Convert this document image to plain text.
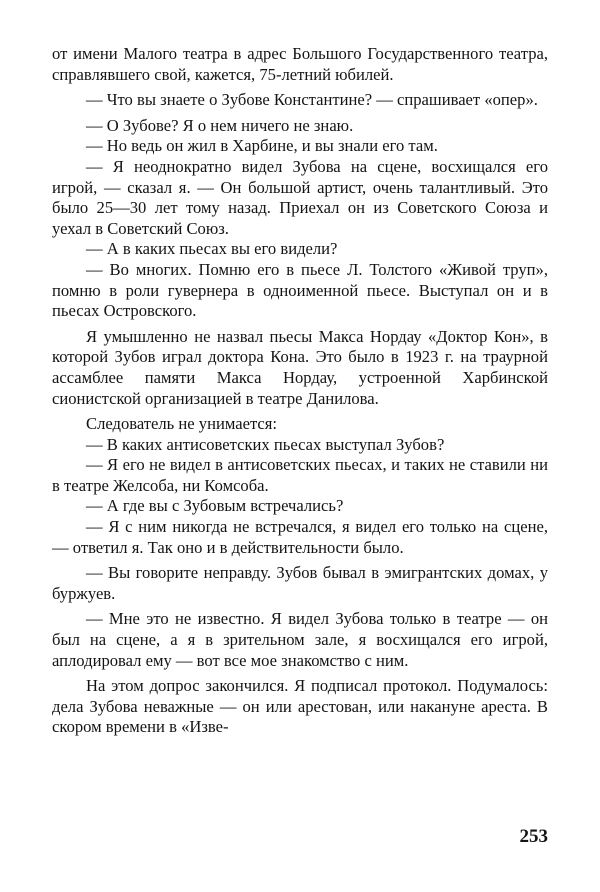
от имени Малого театра в адрес Большого Государственного театра, справлявшего свой, кажется, 75-летний юбилей.

— Что вы знаете о Зубове Константине? — спрашивает «опер».

— О Зубове? Я о нем ничего не знаю.

— Но ведь он жил в Харбине, и вы знали его там.

— Я неоднократно видел Зубова на сцене, восхищался его игрой, — сказал я. — Он большой артист, очень талантливый. Это было 25—30 лет тому назад. Приехал он из Советского Союза и уехал в Советский Союз.

— А в каких пьесах вы его видели?

— Во многих. Помню его в пьесе Л. Толстого «Живой труп», помню в роли гувернера в одноименной пьесе. Выступал он и в пьесах Островского.

Я умышленно не назвал пьесы Макса Нордау «Доктор Кон», в которой Зубов играл доктора Кона. Это было в 1923 г. на траурной ассамблее памяти Макса Нордау, устроенной Харбинской сионистской организацией в театре Данилова.

Следователь не унимается:

— В каких антисоветских пьесах выступал Зубов?

— Я его не видел в антисоветских пьесах, и таких не ставили ни в театре Желсоба, ни Комсоба.

— А где вы с Зубовым встречались?

— Я с ним никогда не встречался, я видел его только на сцене, — ответил я. Так оно и в действительности было.

— Вы говорите неправду. Зубов бывал в эмигрантских домах, у буржуев.

— Мне это не известно. Я видел Зубова только в театре — он был на сцене, а я в зрительном зале, я восхищался его игрой, аплодировал ему — вот все мое знакомство с ним.

На этом допрос закончился. Я подписал протокол. Подумалось: дела Зубова неважные — он или арестован, или накануне ареста. В скором времени в «Изве-

253
